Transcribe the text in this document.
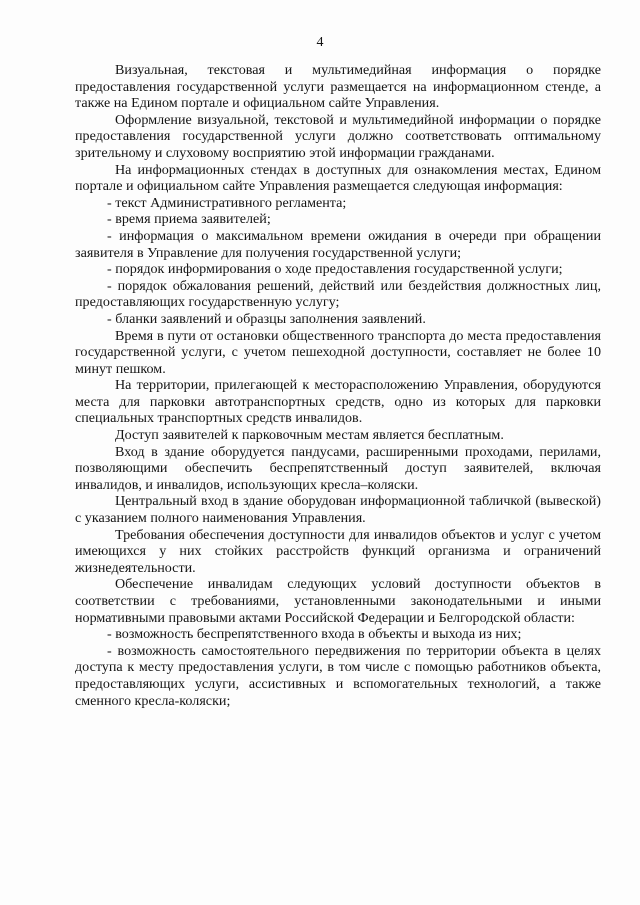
4

Визуальная, текстовая и мультимедийная информация о порядке предоставления государственной услуги размещается на информационном стенде, а также на Едином портале и официальном сайте Управления.

Оформление визуальной, текстовой и мультимедийной информации о порядке предоставления государственной услуги должно соответствовать оптимальному зрительному и слуховому восприятию этой информации гражданами.

На информационных стендах в доступных для ознакомления местах, Едином портале и официальном сайте Управления размещается следующая информация:

- текст Административного регламента;

- время приема заявителей;

- информация о максимальном времени ожидания в очереди при обращении заявителя в Управление для получения государственной услуги;

- порядок информирования о ходе предоставления государственной услуги;

- порядок обжалования решений, действий или бездействия должностных лиц, предоставляющих государственную услугу;

- бланки заявлений и образцы заполнения заявлений.

Время в пути от остановки общественного транспорта до места предоставления государственной услуги, с учетом пешеходной доступности, составляет не более 10 минут пешком.

На территории, прилегающей к месторасположению Управления, оборудуются места для парковки автотранспортных средств, одно из которых для парковки специальных транспортных средств инвалидов.

Доступ заявителей к парковочным местам является бесплатным.

Вход в здание оборудуется пандусами, расширенными проходами, перилами, позволяющими обеспечить беспрепятственный доступ заявителей, включая инвалидов, и инвалидов, использующих кресла–коляски.

Центральный вход в здание оборудован информационной табличкой (вывеской) с указанием полного наименования Управления.

Требования обеспечения доступности для инвалидов объектов и услуг с учетом имеющихся у них стойких расстройств функций организма и ограничений жизнедеятельности.

Обеспечение инвалидам следующих условий доступности объектов в соответствии с требованиями, установленными законодательными и иными нормативными правовыми актами Российской Федерации и Белгородской области:

- возможность беспрепятственного входа в объекты и выхода из них;

- возможность самостоятельного передвижения по территории объекта в целях доступа к месту предоставления услуги, в том числе с помощью работников объекта, предоставляющих услуги, ассистивных и вспомогательных технологий, а также сменного кресла-коляски;
